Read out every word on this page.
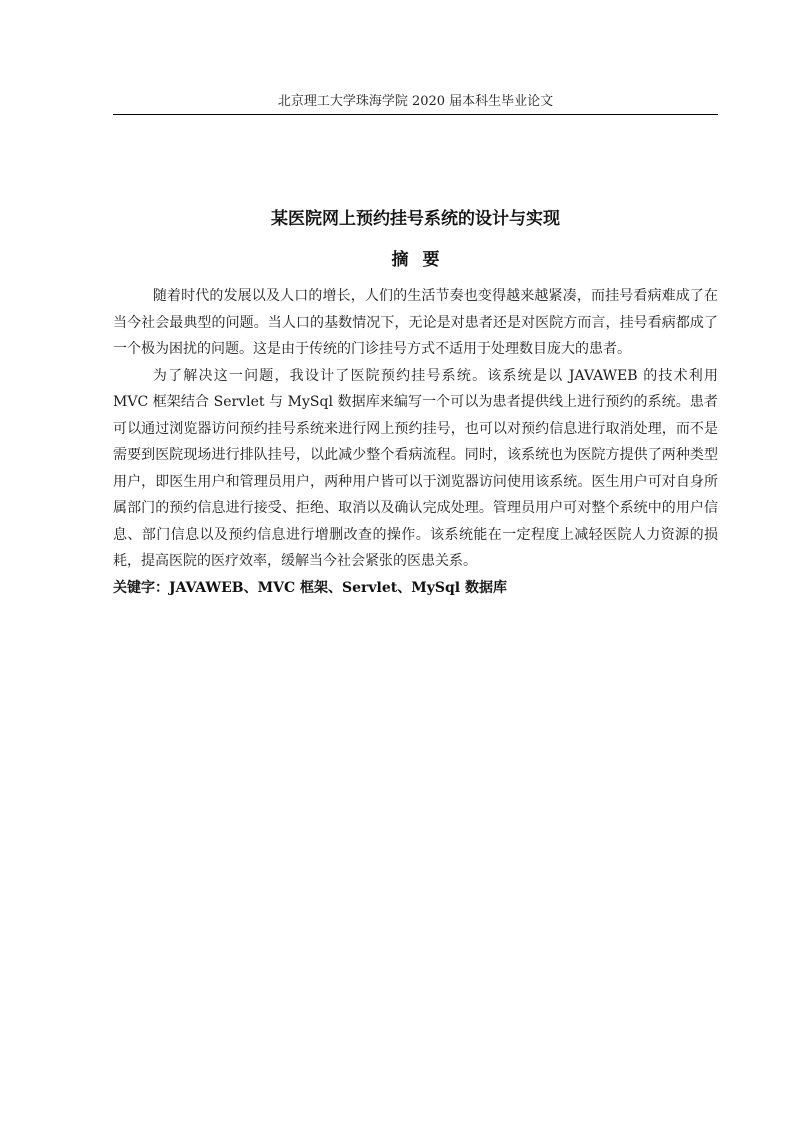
北京理工大学珠海学院 2020 届本科生毕业论文
某医院网上预约挂号系统的设计与实现
摘要

随着时代的发展以及人口的增长，人们的生活节奏也变得越来越紧凑，而挂号看病难成了在当今社会最典型的问题。当人口的基数情况下，无论是对患者还是对医院方而言，挂号看病都成了一个极为困扰的问题。这是由于传统的门诊挂号方式不适用于处理数目庞大的患者。

为了解决这一问题，我设计了医院预约挂号系统。该系统是以 JAVAWEB 的技术利用 MVC 框架结合 Servlet 与 MySql 数据库来编写一个可以为患者提供线上进行预约的系统。患者可以通过浏览器访问预约挂号系统来进行网上预约挂号，也可以对预约信息进行取消处理，而不是需要到医院现场进行排队挂号，以此减少整个看病流程。同时，该系统也为医院方提供了两种类型用户，即医生用户和管理员用户，两种用户皆可以于浏览器访问使用该系统。医生用户可对自身所属部门的预约信息进行接受、拒绝、取消以及确认完成处理。管理员用户可对整个系统中的用户信息、部门信息以及预约信息进行增删改查的操作。该系统能在一定程度上减轻医院人力资源的损耗，提高医院的医疗效率，缓解当今社会紧张的医患关系。

关键字：JAVAWEB、MVC 框架、Servlet、MySql 数据库
